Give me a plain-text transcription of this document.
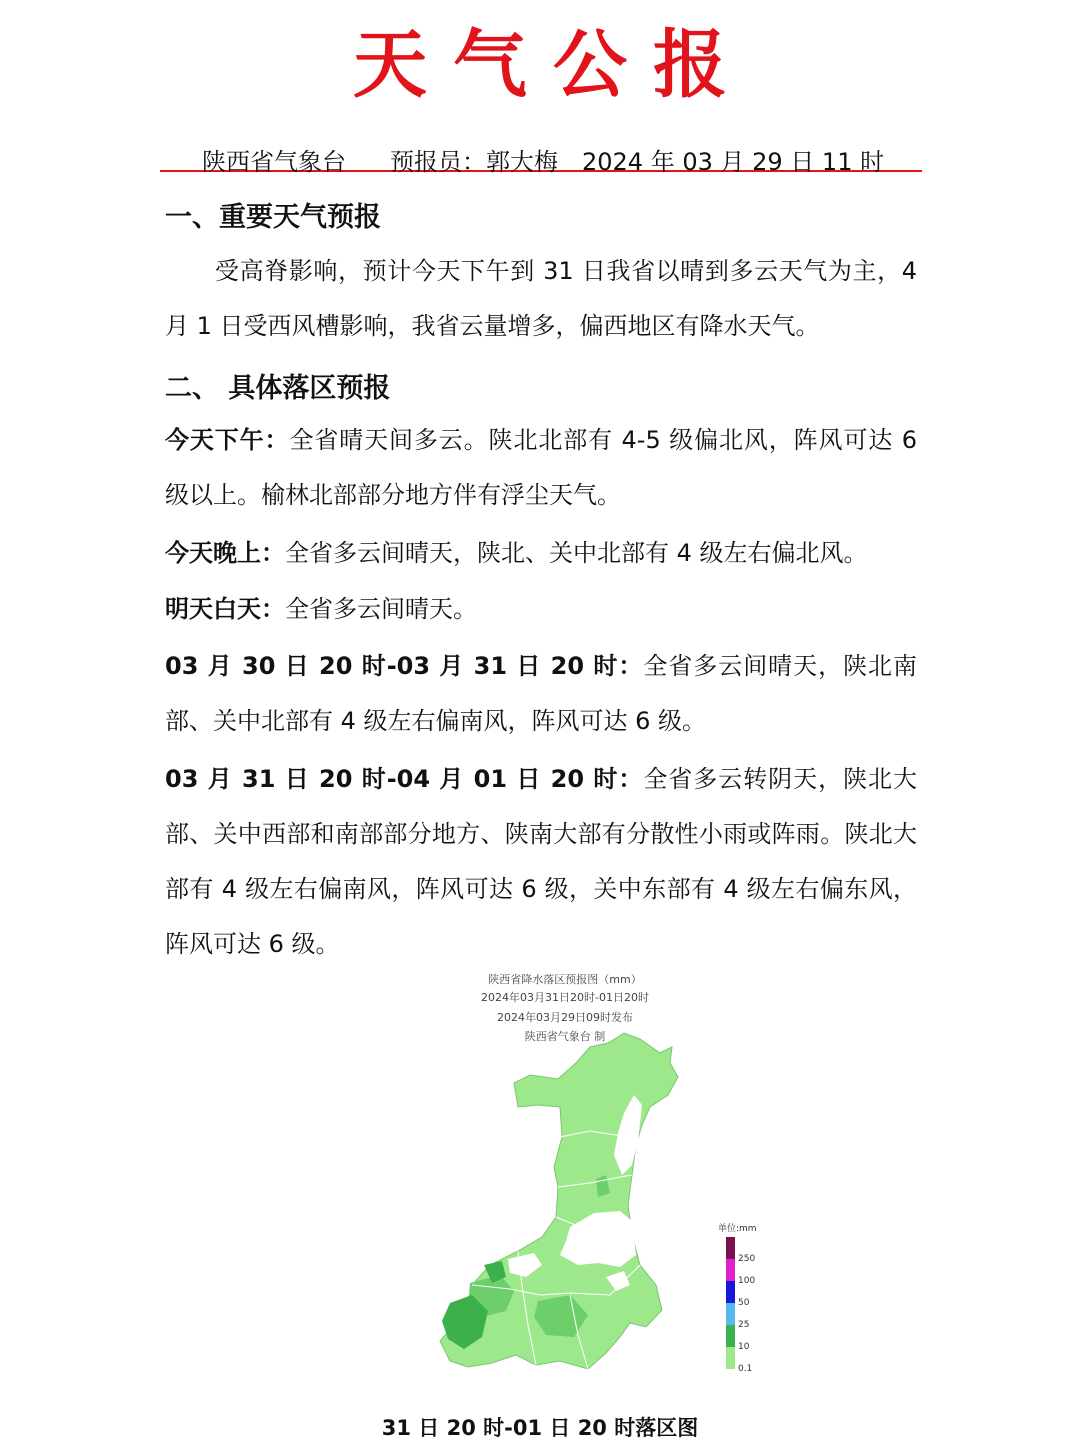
天气公报
陕西省气象台 预报员：郭大梅 2024 年 03 月 29 日 11 时
一、重要天气预报
受高脊影响，预计今天下午到 31 日我省以晴到多云天气为主，4 月 1 日受西风槽影响，我省云量增多，偏西地区有降水天气。
二、 具体落区预报
今天下午：全省晴天间多云。陕北北部有 4-5 级偏北风，阵风可达 6 级以上。榆林北部部分地方伴有浮尘天气。
今天晚上：全省多云间晴天，陕北、关中北部有 4 级左右偏北风。
明天白天：全省多云间晴天。
03 月 30 日 20 时-03 月 31 日 20 时：全省多云间晴天，陕北南部、关中北部有 4 级左右偏南风，阵风可达 6 级。
03 月 31 日 20 时-04 月 01 日 20 时：全省多云转阴天，陕北大部、关中西部和南部部分地方、陕南大部有分散性小雨或阵雨。陕北大部有 4 级左右偏南风，阵风可达 6 级，关中东部有 4 级左右偏东风，阵风可达 6 级。
陕西省降水落区预报图（mm）
2024年03月31日20时-01日20时
2024年03月29日09时发布
陕西省气象台 制
单位:mm
250
100
50
25
10
0.1
31 日 20 时-01 日 20 时落区图
